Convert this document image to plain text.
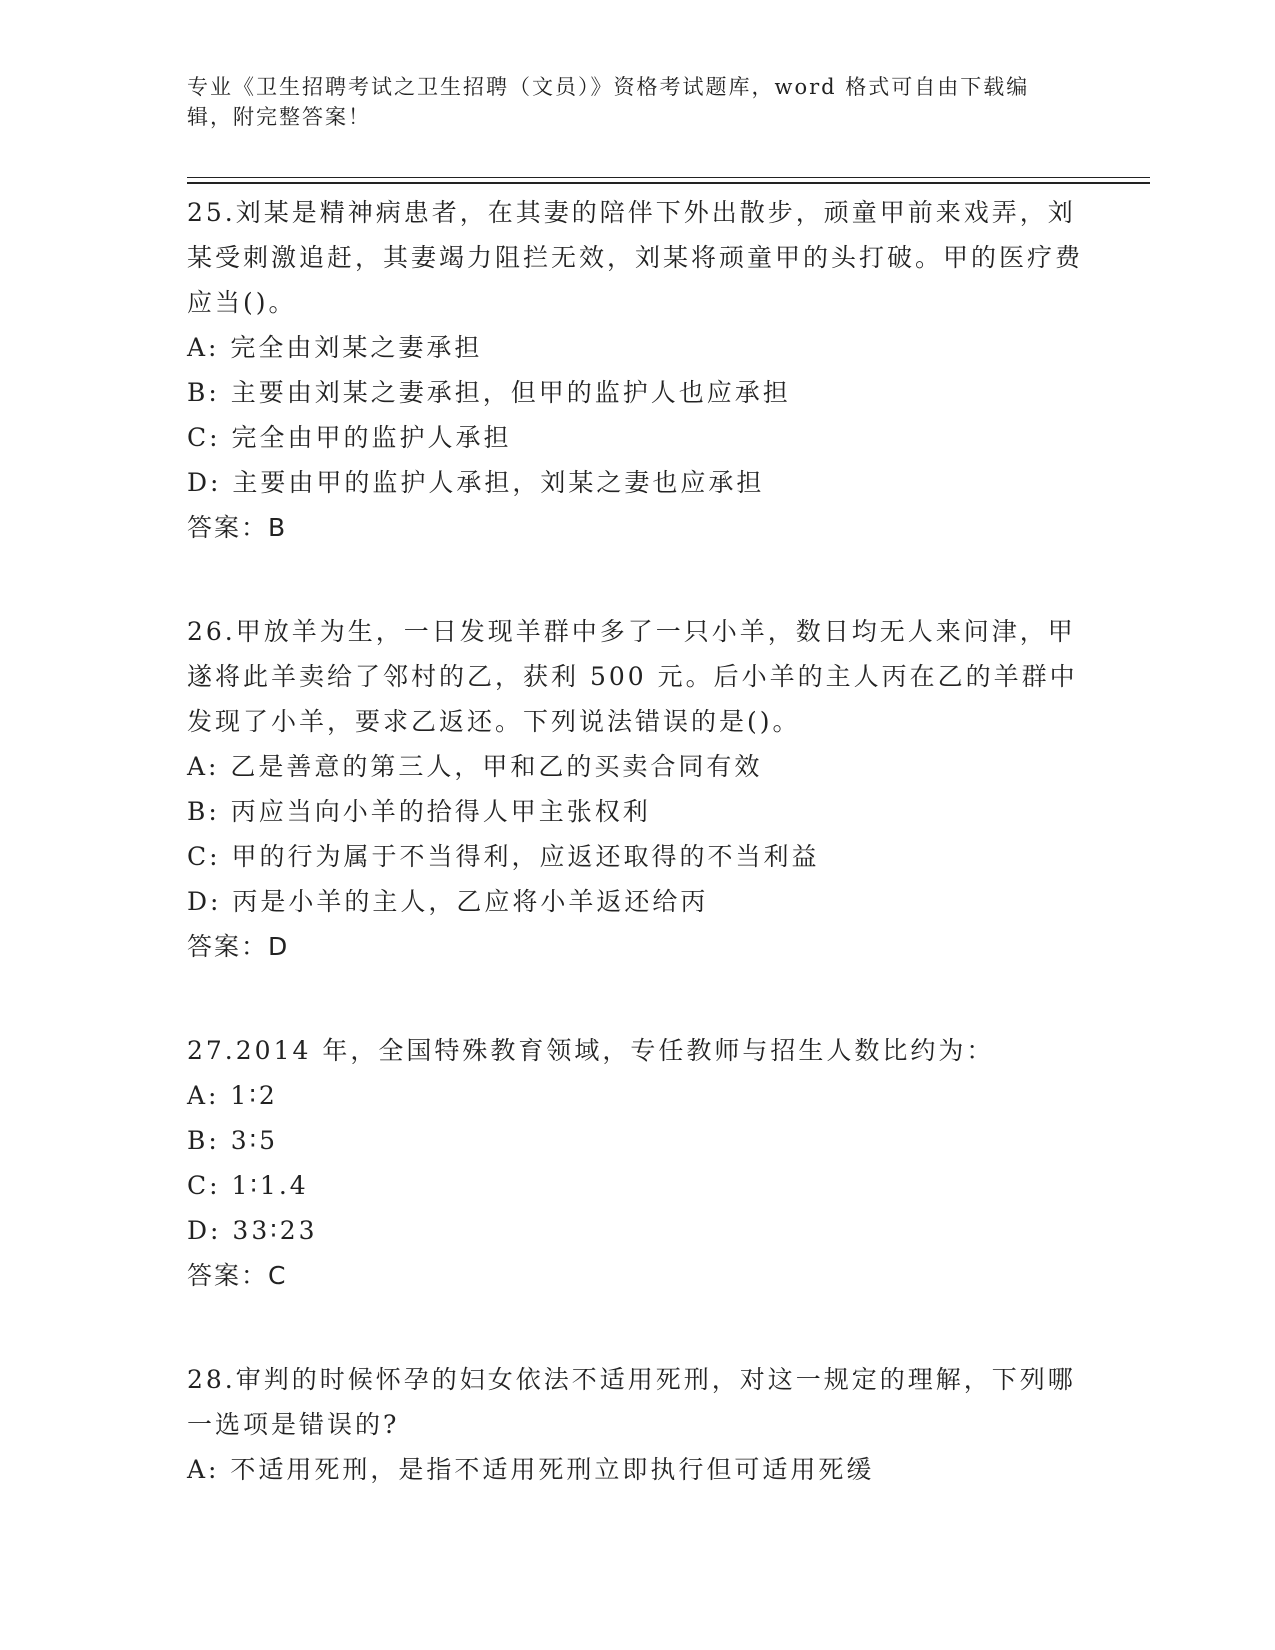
专业《卫生招聘考试之卫生招聘（文员）》资格考试题库，word 格式可自由下载编辑，附完整答案！

25.刘某是精神病患者，在其妻的陪伴下外出散步，顽童甲前来戏弄，刘某受刺激追赶，其妻竭力阻拦无效，刘某将顽童甲的头打破。甲的医疗费应当()。

A: 完全由刘某之妻承担

B: 主要由刘某之妻承担，但甲的监护人也应承担

C: 完全由甲的监护人承担

D: 主要由甲的监护人承担，刘某之妻也应承担

答案：B

26.甲放羊为生，一日发现羊群中多了一只小羊，数日均无人来问津，甲遂将此羊卖给了邻村的乙，获利 500 元。后小羊的主人丙在乙的羊群中发现了小羊，要求乙返还。下列说法错误的是()。

A: 乙是善意的第三人，甲和乙的买卖合同有效

B: 丙应当向小羊的拾得人甲主张权利

C: 甲的行为属于不当得利，应返还取得的不当利益

D: 丙是小羊的主人，乙应将小羊返还给丙

答案：D

27.2014 年，全国特殊教育领域，专任教师与招生人数比约为：

A: 1∶2

B: 3∶5

C: 1∶1.4

D: 33∶23

答案：C

28.审判的时候怀孕的妇女依法不适用死刑，对这一规定的理解，下列哪一选项是错误的?

A: 不适用死刑，是指不适用死刑立即执行但可适用死缓
